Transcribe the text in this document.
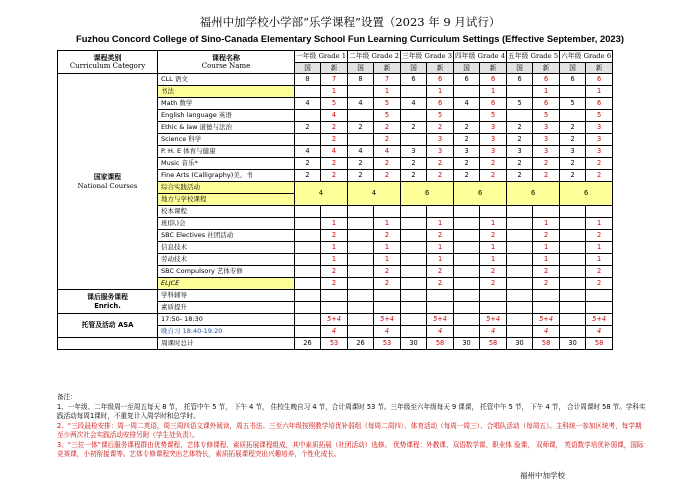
福州中加学校小学部“乐学课程”设置（2023 年 9 月试行）
Fuzhou Concord College of Sino-Canada Elementary School Fun Learning Curriculum Settings (Effective September, 2023)
课程类别
Curriculum Category	课程名称
Course Name	一年级 Grade 1		二年级 Grade 2		三年级 Grade 3		四年级 Grade 4		五年级 Grade 5		六年级 Grade 6	
		国	新	国	新	国	新	国	新	国	新	国	新
国家课程
National Courses	CLL 语文	8	7	8	7	6	6	6	6	6	6	6	6
	书法		1		1		1		1		1		1
	Math 数学	4	5	4	5	4	6	4	6	5	6	5	6
	English language 英语		4		5		5		5		5		5
	Ethic & law 道德与法治	2	2	2	2	2	2	2	3	2	3	2	3
	Science 科学		2		2		3	2	3	2	3	2	3
	P. H. E 体育与健康	4	4	4	4	3	3	3	3	3	3	3	3
	Music 音乐*	2	2	2	2	2	2	2	2	2	2	2	2
	Fine Arts (Calligraphy)美、书	2	2	2	2	2	2	2	2	2	2	2	2
	综合实践活动	4		4		6		6		6		6	
	地方与学校课程												
	校本课程												
	班(队)会		1		1		1		1		1		1
	SBC Electives 社团活动		2		2		2		2		2		2
	信息技术		1		1		1		1		1		1
	劳动技术		1		1		1		1		1		1
	SBC Compulsory 艺体专修		2		2		2		2		2		2
	ELJCE		2		2		2		2		2		2
课后服务课程
Enrich.	学科辅导												
	素质提升												
托管及活动 ASA	17:50- 18:30		5+4		5+4		5+4		5+4		5+4		5+4
	晚自习 18:40-19:20		4		4		4		4		4		4
	周课时总计	26	53	26	53	30	58	30	58	30	58	30	58

备注：

1、一年级、二年级周一至周五每天 8 节， 托管中午 5 节， 下午 4 节， 住校生晚自习 4 节，合计周课时 53 节。三年级至六年级每天 9 课课， 托管中午 5 节， 下午 4 节， 合计周课时 58 节。学科实践活动每周1课时，不重复计入周学时和总学时。

2、“三段晨检安排：周一周二英语，周三周四语文课外阅读，周五书法。三至六年级按照教学培优补弱组（每周二周四）、体育活动（每周一周三）、合唱队活动（每周五）。主科统一参加区统考，每学期至少两次社会实践活动安排另附（学生处负责）。

3、“三位一体”课后服务课程群由优势课程、艺体专修课程、素质拓展课程组成，其中素质拓展（社团活动）选修。 优势课程：外教课、双语数学课、职业体 验课， 双师课， 英语数学培优补弱课，国际竞赛课，小初衔接课等。艺体专修课程突出艺体特长，素质拓展课程突出兴趣培养，个性化成长。

福州中加学校
